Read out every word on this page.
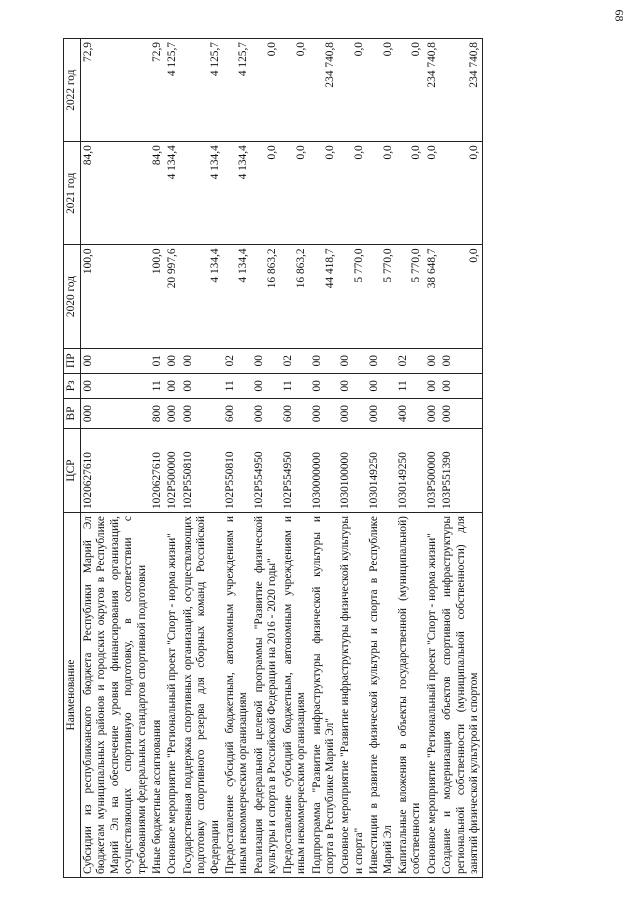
68
Наименование	ЦСР	ВР	Рз	ПР	2020 год	2021 год	2022 год
Субсидии из республиканского бюджета Республики Марий Эл бюджетам муниципальных районов и городских округов в Республике Марий Эл на обеспечение уровня финансирования организаций, осуществляющих спортивную подготовку, в соответствии с требованиями федеральных стандартов спортивной подготовки	1020627610	000	00	00	100,0	84,0	72,9
Иные бюджетные ассигнования	1020627610	800	11	01	100,0	84,0	72,9
Основное мероприятие "Региональный проект "Спорт - норма жизни"	102P500000	000	00	00	20 997,6	4 134,4	4 125,7
Государственная поддержка спортивных организаций, осуществляющих подготовку спортивного резерва для сборных команд Российской Федерации	102P550810	000	00	00	4 134,4	4 134,4	4 125,7
Предоставление субсидий бюджетным, автономным учреждениям и иным некоммерческим организациям	102P550810	600	11	02	4 134,4	4 134,4	4 125,7
Реализация федеральной целевой программы "Развитие физической культуры и спорта в Российской Федерации на 2016 - 2020 годы"	102P554950	000	00	00	16 863,2	0,0	0,0
Предоставление субсидий бюджетным, автономным учреждениям и иным некоммерческим организациям	102P554950	600	11	02	16 863,2	0,0	0,0
Подпрограмма "Развитие инфраструктуры физической культуры и спорта в Республике Марий Эл"	1030000000	000	00	00	44 418,7	0,0	234 740,8
Основное мероприятие "Развитие инфраструктуры физической культуры и спорта"	1030100000	000	00	00	5 770,0	0,0	0,0
Инвестиции в развитие физической культуры и спорта в Республике Марий Эл	1030149250	000	00	00	5 770,0	0,0	0,0
Капитальные вложения в объекты государственной (муниципальной) собственности	1030149250	400	11	02	5 770,0	0,0	0,0
Основное мероприятие "Региональный проект "Спорт - норма жизни"	103P500000	000	00	00	38 648,7	0,0	234 740,8
Создание и модернизация объектов спортивной инфраструктуры региональной собственности (муниципальной собственности) для занятий физической культурой и спортом	103P551390	000	00	00	0,0	0,0	234 740,8
